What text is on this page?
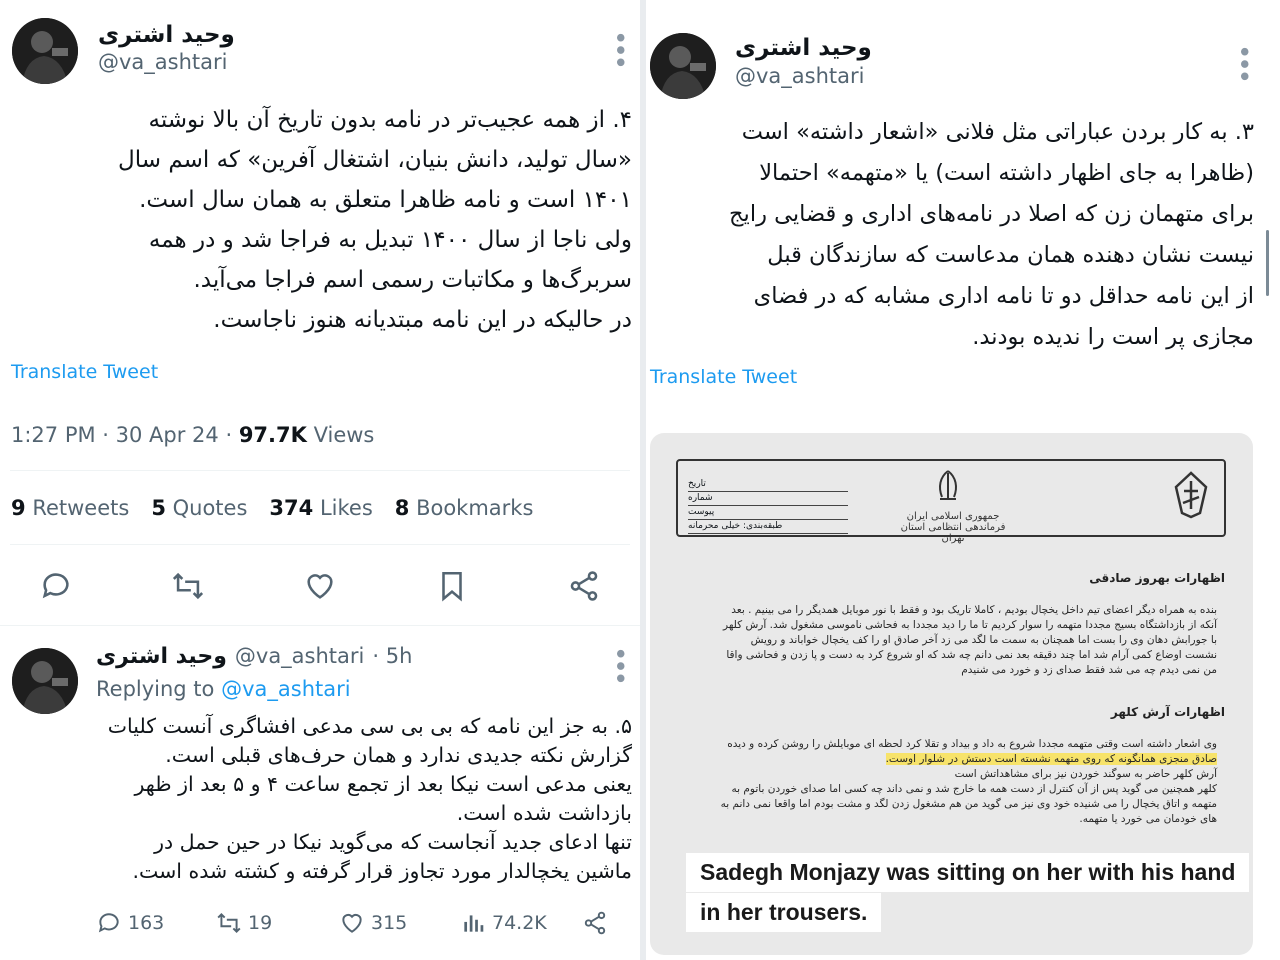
وحید اشتری
@va_ashtari	•••
۴. از همه عجیب‌تر در نامه بدون تاریخ آن بالا نوشته
«سال تولید، دانش بنیان، اشتغال آفرین» که اسم سال
۱۴۰۱ است و نامه ظاهرا متعلق به همان سال است.
ولی ناجا از سال ۱۴۰۰ تبدیل به فراجا شد و در همه
سربرگ‌ها و مکاتبات رسمی اسم فراجا می‌آید.
در حالیکه در این نامه مبتدیانه هنوز ناجاست.
Translate Tweet
1:27 PM · 30 Apr 24 · 97.7K Views
9 Retweets 5 Quotes 374 Likes 8 Bookmarks
وحید اشتری @va_ashtari · 5h	•••
Replying to @va_ashtari
۵. به جز این نامه که بی بی سی مدعی افشاگری آنست کلیات
گزارش نکته جدیدی ندارد و همان حرف‌های قبلی است.
یعنی مدعی است نیکا بعد از تجمع ساعت ۴ و ۵ بعد از ظهر
بازداشت شده است.
تنها ادعای جدید آنجاست که می‌گوید نیکا در حین حمل در
ماشین یخچالدار مورد تجاوز قرار گرفته و کشته شده است.
163	19	315	74.2K
وحید اشتری
@va_ashtari	•••
۳. به کار بردن عباراتی مثل فلانی «اشعار داشته» است
(ظاهرا به جای اظهار داشته است) یا «متهمه» احتمالا
برای متهمان زن که اصلا در نامه‌های اداری و قضایی رایج
نیست نشان دهنده همان مدعاست که سازندگان قبل
از این نامه حداقل دو تا نامه اداری مشابه که در فضای
مجازی پر است را ندیده بودند.
Translate Tweet
تاریخ
شماره
پیوست
طبقه‌بندی: خیلی محرمانه
جمهوری اسلامی ایران
فرماندهی انتظامی استان تهران
اظهارات بهروز صادقی
بنده به همراه دیگر اعضای تیم داخل یخچال بودیم ، کاملا تاریک بود و فقط با نور موبایل همدیگر را می بینیم . بعد
آنکه از بازداشتگاه بسیج مجددا متهمه را سوار کردیم تا ما را دید مجددا به فحاشی ناموسی مشغول شد. آرش کلهر
با جورابش دهان وی را بست اما همچنان به سمت ما لگد می زد آخر صادق او را کف یخچال خواباند و رویش
نشست اوضاع کمی آرام شد اما چند دقیقه بعد نمی دانم چه شد که او شروع کرد به دست و پا زدن و فحاشی واقا
من نمی دیدم چه می شد فقط صدای زد و خورد می شنیدم
اظهارات آرش کلهر
وی اشعار داشته است وقتی متهمه مجددا شروع به داد و بیداد و تقلا کرد لحظه ای موبایلش را روشن کرده و دیده
صادق منجزی همانگونه که روی متهمه نشسته است دستش در شلوار اوست.
آرش کلهر حاضر به سوگند خوردن نیز برای مشاهداتش است
کلهر همچنین می گوید پس از آن کنترل از دست همه ما خارج شد و نمی داند چه کسی اما صدای خوردن باتوم به
متهمه و اتاق یخچال را می شنیده خود وی نیز می گوید من هم مشغول زدن لگد و مشت بودم اما واقعا نمی دانم به
های خودمان می خورد یا متهمه.
Sadegh Monjazy was sitting on her with his hand
in her trousers.
